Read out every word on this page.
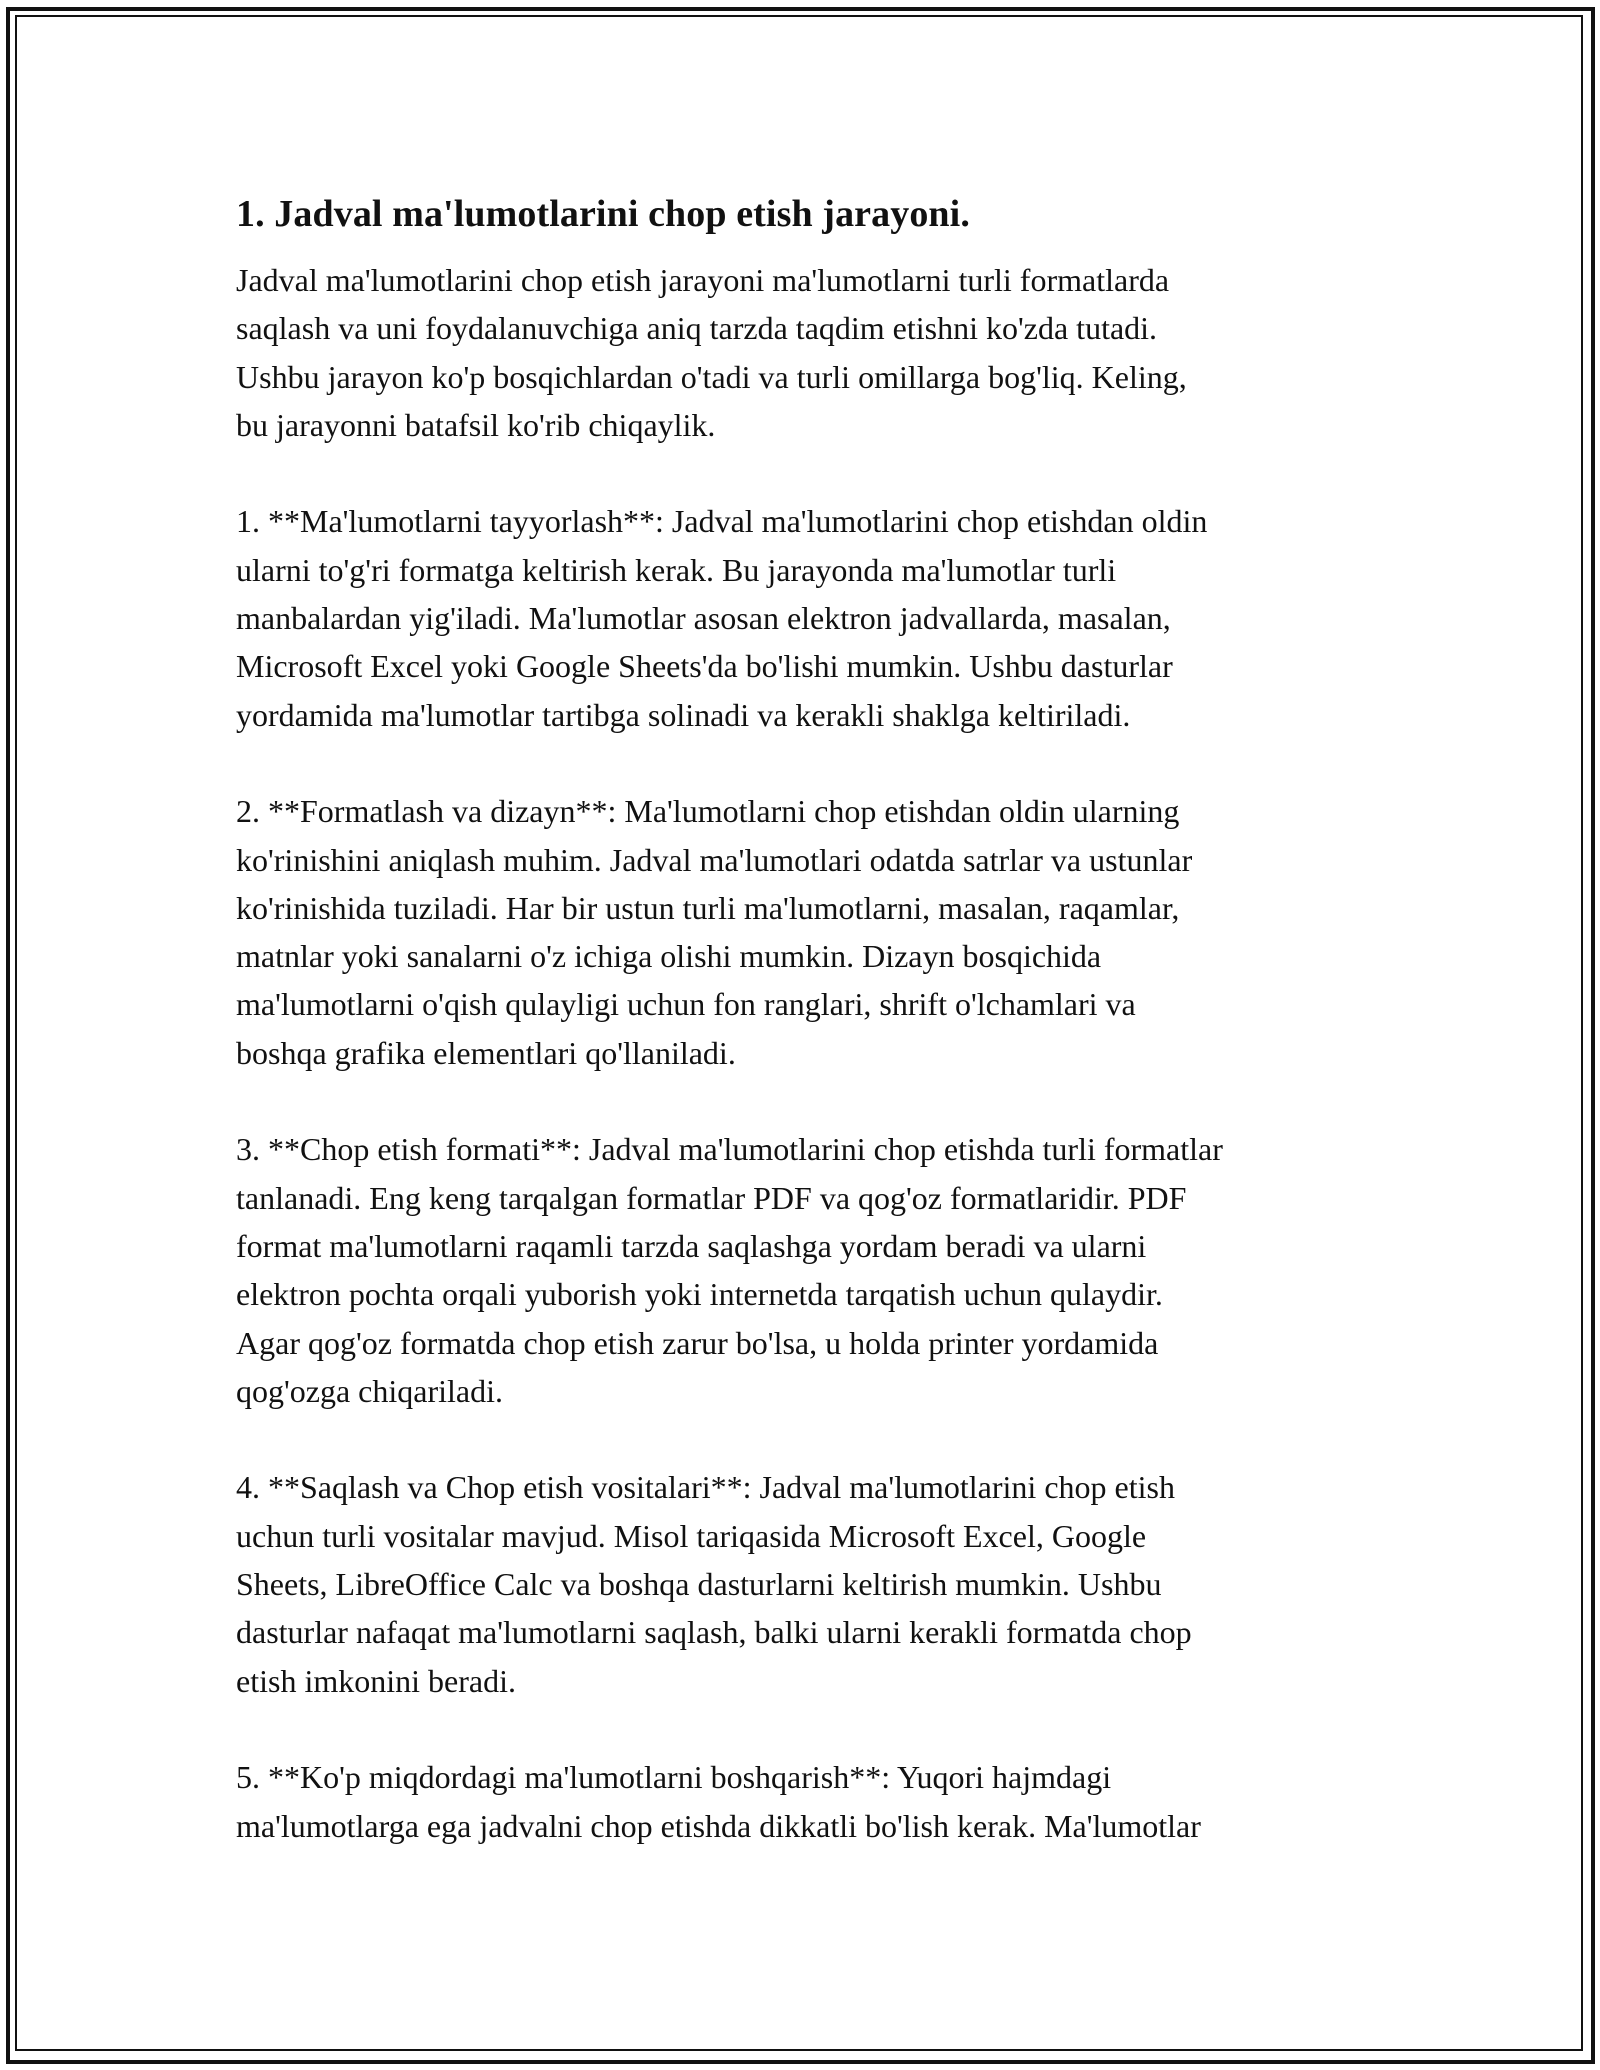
1. Jadval ma'lumotlarini chop etish jarayoni.

Jadval ma'lumotlarini chop etish jarayoni ma'lumotlarni turli formatlarda
saqlash va uni foydalanuvchiga aniq tarzda taqdim etishni ko'zda tutadi.
Ushbu jarayon ko'p bosqichlardan o'tadi va turli omillarga bog'liq. Keling,
bu jarayonni batafsil ko'rib chiqaylik.

1. **Ma'lumotlarni tayyorlash**: Jadval ma'lumotlarini chop etishdan oldin
ularni to'g'ri formatga keltirish kerak. Bu jarayonda ma'lumotlar turli
manbalardan yig'iladi. Ma'lumotlar asosan elektron jadvallarda, masalan,
Microsoft Excel yoki Google Sheets'da bo'lishi mumkin. Ushbu dasturlar
yordamida ma'lumotlar tartibga solinadi va kerakli shaklga keltiriladi.

2. **Formatlash va dizayn**: Ma'lumotlarni chop etishdan oldin ularning
ko'rinishini aniqlash muhim. Jadval ma'lumotlari odatda satrlar va ustunlar
ko'rinishida tuziladi. Har bir ustun turli ma'lumotlarni, masalan, raqamlar,
matnlar yoki sanalarni o'z ichiga olishi mumkin. Dizayn bosqichida
ma'lumotlarni o'qish qulayligi uchun fon ranglari, shrift o'lchamlari va
boshqa grafika elementlari qo'llaniladi.

3. **Chop etish formati**: Jadval ma'lumotlarini chop etishda turli formatlar
tanlanadi. Eng keng tarqalgan formatlar PDF va qog'oz formatlaridir. PDF
format ma'lumotlarni raqamli tarzda saqlashga yordam beradi va ularni
elektron pochta orqali yuborish yoki internetda tarqatish uchun qulaydir.
Agar qog'oz formatda chop etish zarur bo'lsa, u holda printer yordamida
qog'ozga chiqariladi.

4. **Saqlash va Chop etish vositalari**: Jadval ma'lumotlarini chop etish
uchun turli vositalar mavjud. Misol tariqasida Microsoft Excel, Google
Sheets, LibreOffice Calc va boshqa dasturlarni keltirish mumkin. Ushbu
dasturlar nafaqat ma'lumotlarni saqlash, balki ularni kerakli formatda chop
etish imkonini beradi.

5. **Ko'p miqdordagi ma'lumotlarni boshqarish**: Yuqori hajmdagi
ma'lumotlarga ega jadvalni chop etishda dikkatli bo'lish kerak. Ma'lumotlar
